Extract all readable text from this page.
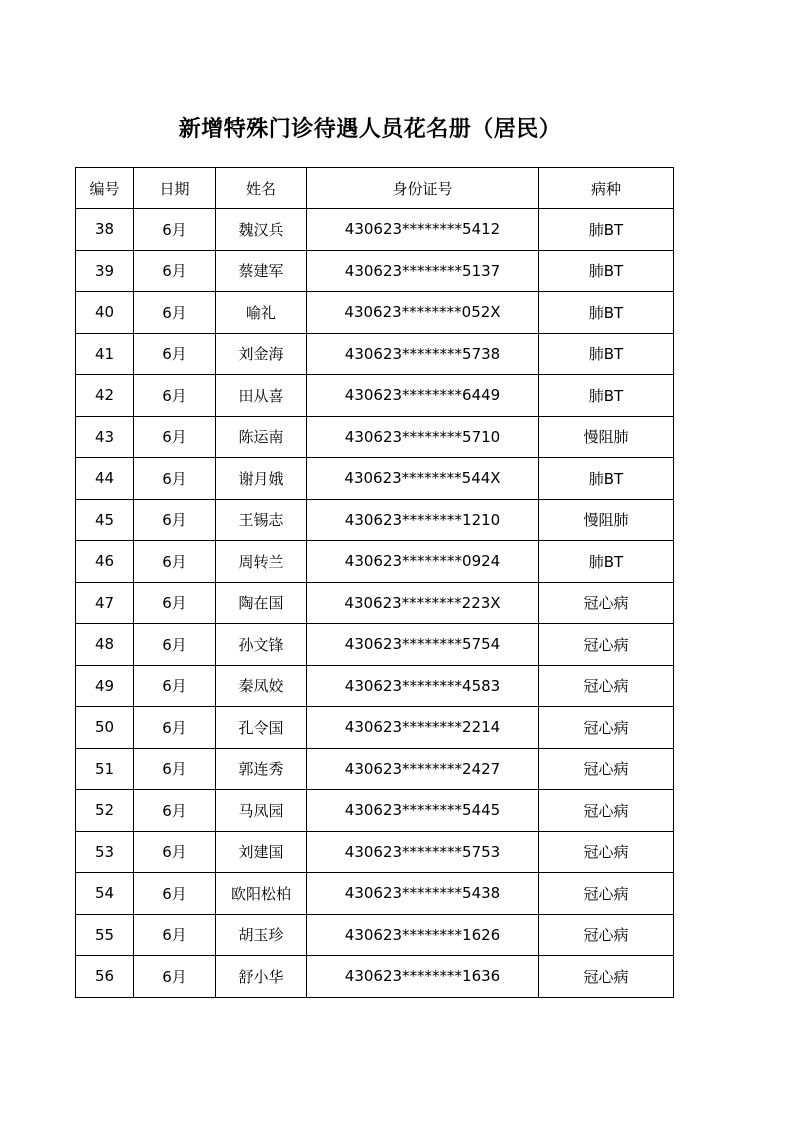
新增特殊门诊待遇人员花名册（居民）
编号	日期	姓名	身份证号	病种
38	6月	魏汉兵	430623********5412	肺BT
39	6月	蔡建军	430623********5137	肺BT
40	6月	喻礼	430623********052X	肺BT
41	6月	刘金海	430623********5738	肺BT
42	6月	田从喜	430623********6449	肺BT
43	6月	陈运南	430623********5710	慢阻肺
44	6月	谢月娥	430623********544X	肺BT
45	6月	王锡志	430623********1210	慢阻肺
46	6月	周转兰	430623********0924	肺BT
47	6月	陶在国	430623********223X	冠心病
48	6月	孙文锋	430623********5754	冠心病
49	6月	秦凤姣	430623********4583	冠心病
50	6月	孔令国	430623********2214	冠心病
51	6月	郭连秀	430623********2427	冠心病
52	6月	马凤园	430623********5445	冠心病
53	6月	刘建国	430623********5753	冠心病
54	6月	欧阳松柏	430623********5438	冠心病
55	6月	胡玉珍	430623********1626	冠心病
56	6月	舒小华	430623********1636	冠心病
